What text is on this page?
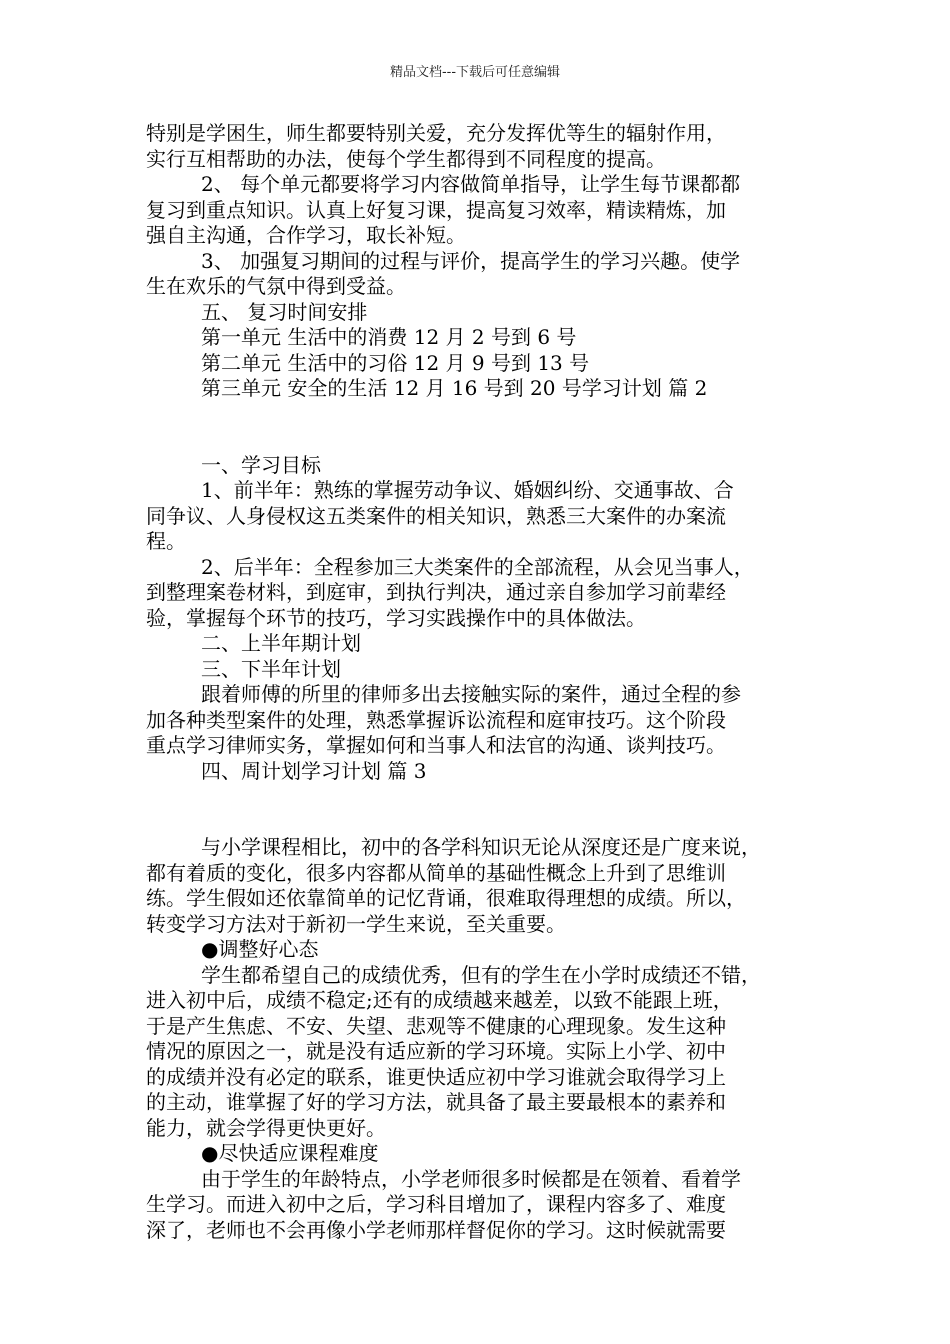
精品文档---下载后可任意编辑
特别是学困生，师生都要特别关爱，充分发挥优等生的辐射作用，
实行互相帮助的办法，使每个学生都得到不同程度的提高。
2、 每个单元都要将学习内容做简单指导，让学生每节课都都
复习到重点知识。认真上好复习课，提高复习效率，精读精炼，加
强自主沟通，合作学习，取长补短。
3、 加强复习期间的过程与评价，提高学生的学习兴趣。使学
生在欢乐的气氛中得到受益。
五、 复习时间安排
第一单元 生活中的消费 12 月 2 号到 6 号
第二单元 生活中的习俗 12 月 9 号到 13 号
第三单元 安全的生活 12 月 16 号到 20 号学习计划 篇 2
一、学习目标
1、前半年：熟练的掌握劳动争议、婚姻纠纷、交通事故、合
同争议、人身侵权这五类案件的相关知识，熟悉三大案件的办案流
程。
2、后半年：全程参加三大类案件的全部流程，从会见当事人，
到整理案卷材料，到庭审，到执行判决，通过亲自参加学习前辈经
验，掌握每个环节的技巧，学习实践操作中的具体做法。
二、上半年期计划
三、下半年计划
跟着师傅的所里的律师多出去接触实际的案件，通过全程的参
加各种类型案件的处理，熟悉掌握诉讼流程和庭审技巧。这个阶段
重点学习律师实务，掌握如何和当事人和法官的沟通、谈判技巧。
四、周计划学习计划 篇 3
与小学课程相比，初中的各学科知识无论从深度还是广度来说，
都有着质的变化，很多内容都从简单的基础性概念上升到了思维训
练。学生假如还依靠简单的记忆背诵，很难取得理想的成绩。所以，
转变学习方法对于新初一学生来说，至关重要。
●调整好心态
学生都希望自己的成绩优秀，但有的学生在小学时成绩还不错，
进入初中后，成绩不稳定;还有的成绩越来越差，以致不能跟上班，
于是产生焦虑、不安、失望、悲观等不健康的心理现象。发生这种
情况的原因之一，就是没有适应新的学习环境。实际上小学、初中
的成绩并没有必定的联系，谁更快适应初中学习谁就会取得学习上
的主动，谁掌握了好的学习方法，就具备了最主要最根本的素养和
能力，就会学得更快更好。
●尽快适应课程难度
由于学生的年龄特点，小学老师很多时候都是在领着、看着学
生学习。而进入初中之后，学习科目增加了，课程内容多了、难度
深了，老师也不会再像小学老师那样督促你的学习。这时候就需要
